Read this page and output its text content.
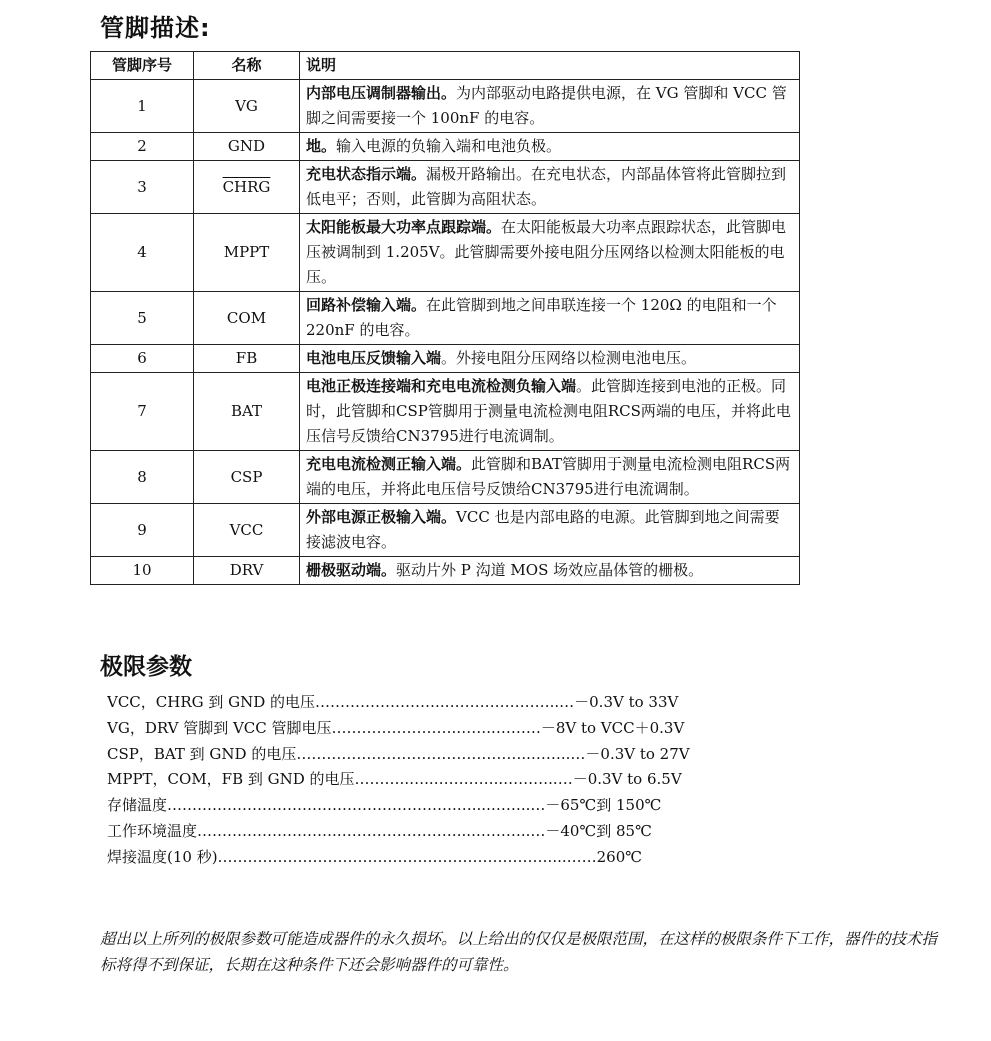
管脚描述:
管脚序号	名称	说明
1	VG	内部电压调制器输出。为内部驱动电路提供电源，在 VG 管脚和 VCC 管脚之间需要接一个 100nF 的电容。
2	GND	地。输入电源的负输入端和电池负极。
3	CHRG	充电状态指示端。漏极开路输出。在充电状态，内部晶体管将此管脚拉到低电平；否则，此管脚为高阻状态。
4	MPPT	太阳能板最大功率点跟踪端。在太阳能板最大功率点跟踪状态，此管脚电压被调制到 1.205V。此管脚需要外接电阻分压网络以检测太阳能板的电压。
5	COM	回路补偿输入端。在此管脚到地之间串联连接一个 120Ω 的电阻和一个 220nF 的电容。
6	FB	电池电压反馈输入端。外接电阻分压网络以检测电池电压。
7	BAT	电池正极连接端和充电电流检测负输入端。此管脚连接到电池的正极。同时，此管脚和CSP管脚用于测量电流检测电阻RCS两端的电压，并将此电压信号反馈给CN3795进行电流调制。
8	CSP	充电电流检测正输入端。此管脚和BAT管脚用于测量电流检测电阻RCS两端的电压，并将此电压信号反馈给CN3795进行电流调制。
9	VCC	外部电源正极输入端。VCC 也是内部电路的电源。此管脚到地之间需要接滤波电容。
10	DRV	栅极驱动端。驱动片外 P 沟道 MOS 场效应晶体管的栅极。
极限参数
VCC，CHRG 到 GND 的电压……………………..…………………..…－0.3V to 33V
VG，DRV 管脚到 VCC 管脚电压…………………….……..………－8V to VCC＋0.3V
CSP，BAT 到 GND 的电压………………………………………..……..…－0.3V to 27V
MPPT，COM，FB 到 GND 的电压………..…..…………..………..…－0.3V to 6.5V
存储温度………………………………………………….…....……..…－65℃到 150℃
工作环境温度……………………….……………………....………..…－40℃到 85℃
焊接温度(10 秒)…………………………………………………………....……260℃
超出以上所列的极限参数可能造成器件的永久损坏。以上给出的仅仅是极限范围，在这样的极限条件下工作，器件的技术指标将得不到保证，长期在这种条件下还会影响器件的可靠性。
